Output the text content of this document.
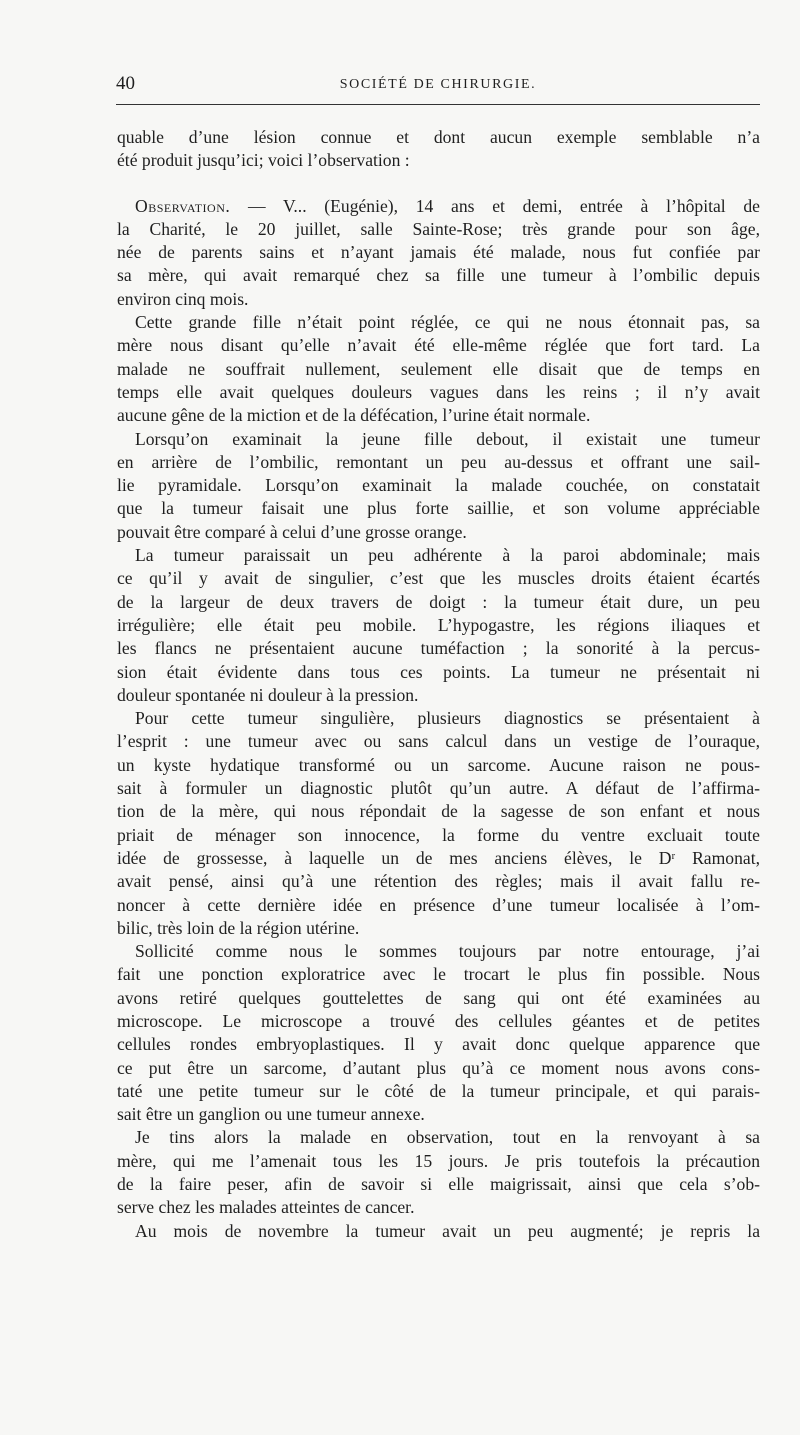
40	SOCIÉTÉ DE CHIRURGIE.
quable d’une lésion connue et dont aucun exemple semblable n’a
été produit jusqu’ici; voici l’observation :
Observation. — V... (Eugénie), 14 ans et demi, entrée à l’hôpital de
la Charité, le 20 juillet, salle Sainte-Rose; très grande pour son âge,
née de parents sains et n’ayant jamais été malade, nous fut confiée par
sa mère, qui avait remarqué chez sa fille une tumeur à l’ombilic depuis
environ cinq mois.
Cette grande fille n’était point réglée, ce qui ne nous étonnait pas, sa
mère nous disant qu’elle n’avait été elle-même réglée que fort tard. La
malade ne souffrait nullement, seulement elle disait que de temps en
temps elle avait quelques douleurs vagues dans les reins ; il n’y avait
aucune gêne de la miction et de la défécation, l’urine était normale.
Lorsqu’on examinait la jeune fille debout, il existait une tumeur
en arrière de l’ombilic, remontant un peu au-dessus et offrant une sail-
lie pyramidale. Lorsqu’on examinait la malade couchée, on constatait
que la tumeur faisait une plus forte saillie, et son volume appréciable
pouvait être comparé à celui d’une grosse orange.
La tumeur paraissait un peu adhérente à la paroi abdominale; mais
ce qu’il y avait de singulier, c’est que les muscles droits étaient écartés
de la largeur de deux travers de doigt : la tumeur était dure, un peu
irrégulière; elle était peu mobile. L’hypogastre, les régions iliaques et
les flancs ne présentaient aucune tuméfaction ; la sonorité à la percus-
sion était évidente dans tous ces points. La tumeur ne présentait ni
douleur spontanée ni douleur à la pression.
Pour cette tumeur singulière, plusieurs diagnostics se présentaient à
l’esprit : une tumeur avec ou sans calcul dans un vestige de l’ouraque,
un kyste hydatique transformé ou un sarcome. Aucune raison ne pous-
sait à formuler un diagnostic plutôt qu’un autre. A défaut de l’affirma-
tion de la mère, qui nous répondait de la sagesse de son enfant et nous
priait de ménager son innocence, la forme du ventre excluait toute
idée de grossesse, à laquelle un de mes anciens élèves, le Dʳ Ramonat,
avait pensé, ainsi qu’à une rétention des règles; mais il avait fallu re-
noncer à cette dernière idée en présence d’une tumeur localisée à l’om-
bilic, très loin de la région utérine.
Sollicité comme nous le sommes toujours par notre entourage, j’ai
fait une ponction exploratrice avec le trocart le plus fin possible. Nous
avons retiré quelques gouttelettes de sang qui ont été examinées au
microscope. Le microscope a trouvé des cellules géantes et de petites
cellules rondes embryoplastiques. Il y avait donc quelque apparence que
ce put être un sarcome, d’autant plus qu’à ce moment nous avons cons-
taté une petite tumeur sur le côté de la tumeur principale, et qui parais-
sait être un ganglion ou une tumeur annexe.
Je tins alors la malade en observation, tout en la renvoyant à sa
mère, qui me l’amenait tous les 15 jours. Je pris toutefois la précaution
de la faire peser, afin de savoir si elle maigrissait, ainsi que cela s’ob-
serve chez les malades atteintes de cancer.
Au mois de novembre la tumeur avait un peu augmenté; je repris la
